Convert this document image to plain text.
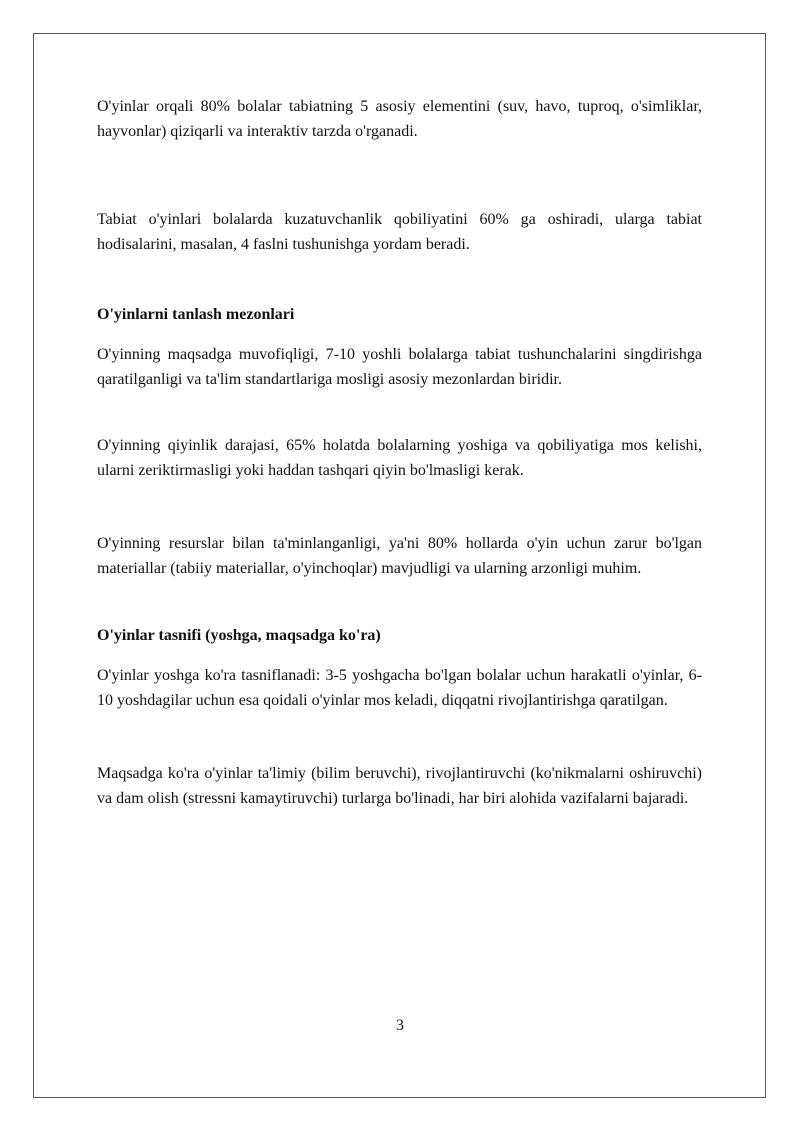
O'yinlar orqali 80% bolalar tabiatning 5 asosiy elementini (suv, havo, tuproq, o'simliklar, hayvonlar) qiziqarli va interaktiv tarzda o'rganadi.

Tabiat o'yinlari bolalarda kuzatuvchanlik qobiliyatini 60% ga oshiradi, ularga tabiat hodisalarini, masalan, 4 faslni tushunishga yordam beradi.

O'yinlarni tanlash mezonlari

O'yinning maqsadga muvofiqligi, 7-10 yoshli bolalarga tabiat tushunchalarini singdirishga qaratilganligi va ta'lim standartlariga mosligi asosiy mezonlardan biridir.

O'yinning qiyinlik darajasi, 65% holatda bolalarning yoshiga va qobiliyatiga mos kelishi, ularni zeriktirmasligi yoki haddan tashqari qiyin bo'lmasligi kerak.

O'yinning resurslar bilan ta'minlanganligi, ya'ni 80% hollarda o'yin uchun zarur bo'lgan materiallar (tabiiy materiallar, o'yinchoqlar) mavjudligi va ularning arzonligi muhim.

O'yinlar tasnifi (yoshga, maqsadga ko'ra)

O'yinlar yoshga ko'ra tasniflanadi: 3-5 yoshgacha bo'lgan bolalar uchun harakatli o'yinlar, 6-10 yoshdagilar uchun esa qoidali o'yinlar mos keladi, diqqatni rivojlantirishga qaratilgan.

Maqsadga ko'ra o'yinlar ta'limiy (bilim beruvchi), rivojlantiruvchi (ko'nikmalarni oshiruvchi) va dam olish (stressni kamaytiruvchi) turlarga bo'linadi, har biri alohida vazifalarni bajaradi.

3
